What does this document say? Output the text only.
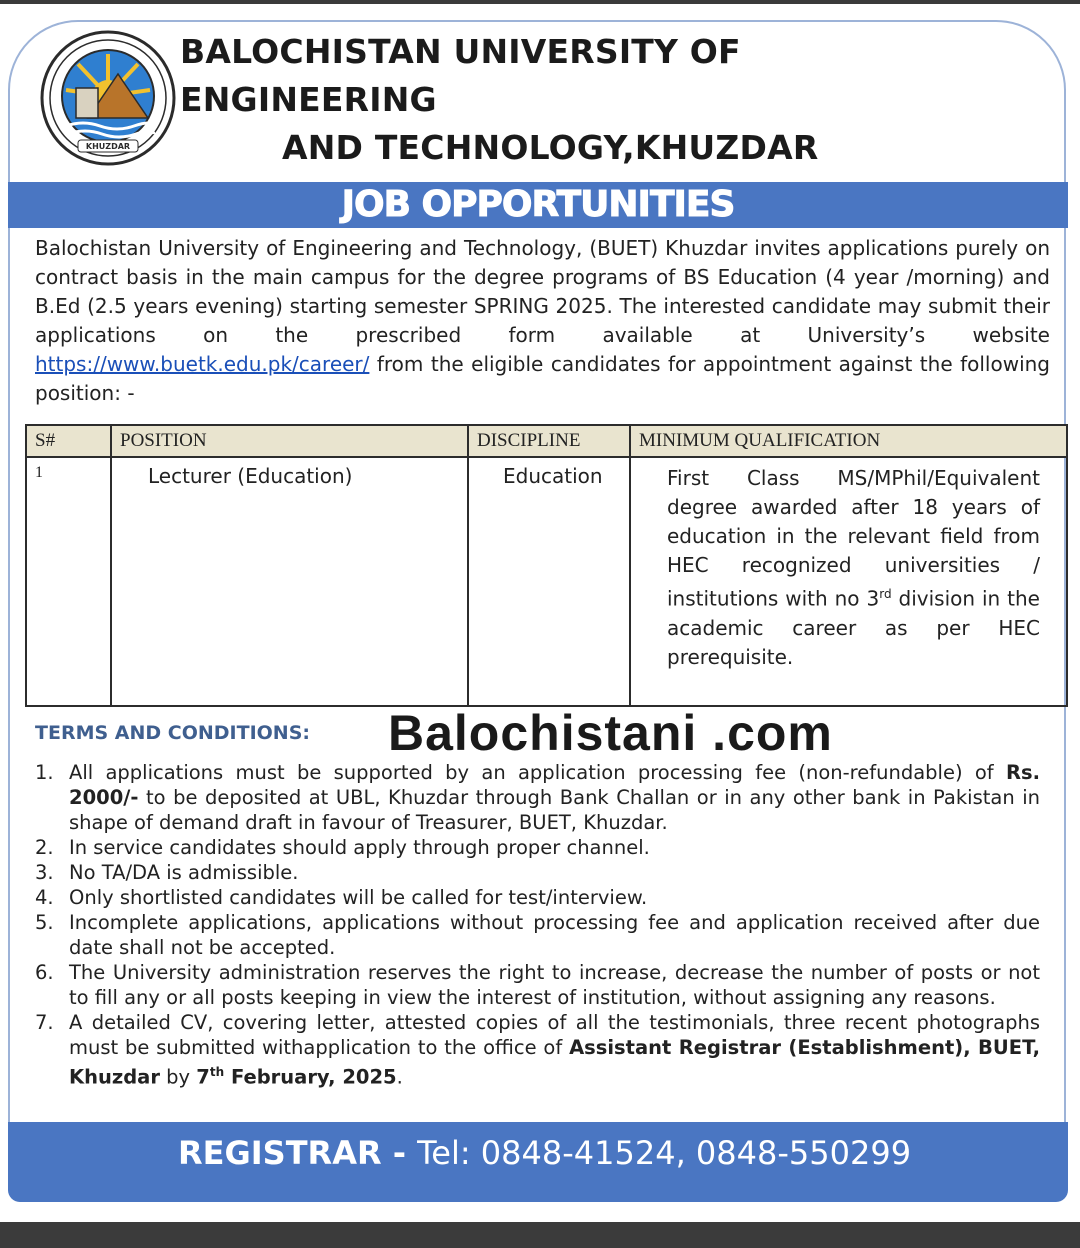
KHUZDAR
BALOCHISTAN UNIVERSITY OF ENGINEERING
AND TECHNOLOGY,KHUZDAR
JOB OPPORTUNITIES
Balochistan University of Engineering and Technology, (BUET) Khuzdar invites applications purely on contract basis in the main campus for the degree programs of BS Education (4 year /morning) and B.Ed (2.5 years evening) starting semester SPRING 2025. The interested candidate may submit their applications on the prescribed form available at University’s website https://www.buetk.edu.pk/career/ from the eligible candidates for appointment against the following position: -
S#	POSITION	DISCIPLINE	MINIMUM QUALIFICATION
1	Lecturer (Education)	Education	First Class MS/MPhil/Equivalent degree awarded after 18 years of education in the relevant field from HEC recognized universities / institutions with no 3rd division in the academic career as per HEC prerequisite.
TERMS AND CONDITIONS: Balochistani .com
1. All applications must be supported by an application processing fee (non-refundable) of Rs. 2000/- to be deposited at UBL, Khuzdar through Bank Challan or in any other bank in Pakistan in shape of demand draft in favour of Treasurer, BUET, Khuzdar.
2. In service candidates should apply through proper channel.
3. No TA/DA is admissible.
4. Only shortlisted candidates will be called for test/interview.
5. Incomplete applications, applications without processing fee and application received after due date shall not be accepted.
6. The University administration reserves the right to increase, decrease the number of posts or not to fill any or all posts keeping in view the interest of institution, without assigning any reasons.
7. A detailed CV, covering letter, attested copies of all the testimonials, three recent photographs must be submitted withapplication to the office of Assistant Registrar (Establishment), BUET, Khuzdar by 7th February, 2025.
REGISTRAR - Tel: 0848-41524, 0848-550299
